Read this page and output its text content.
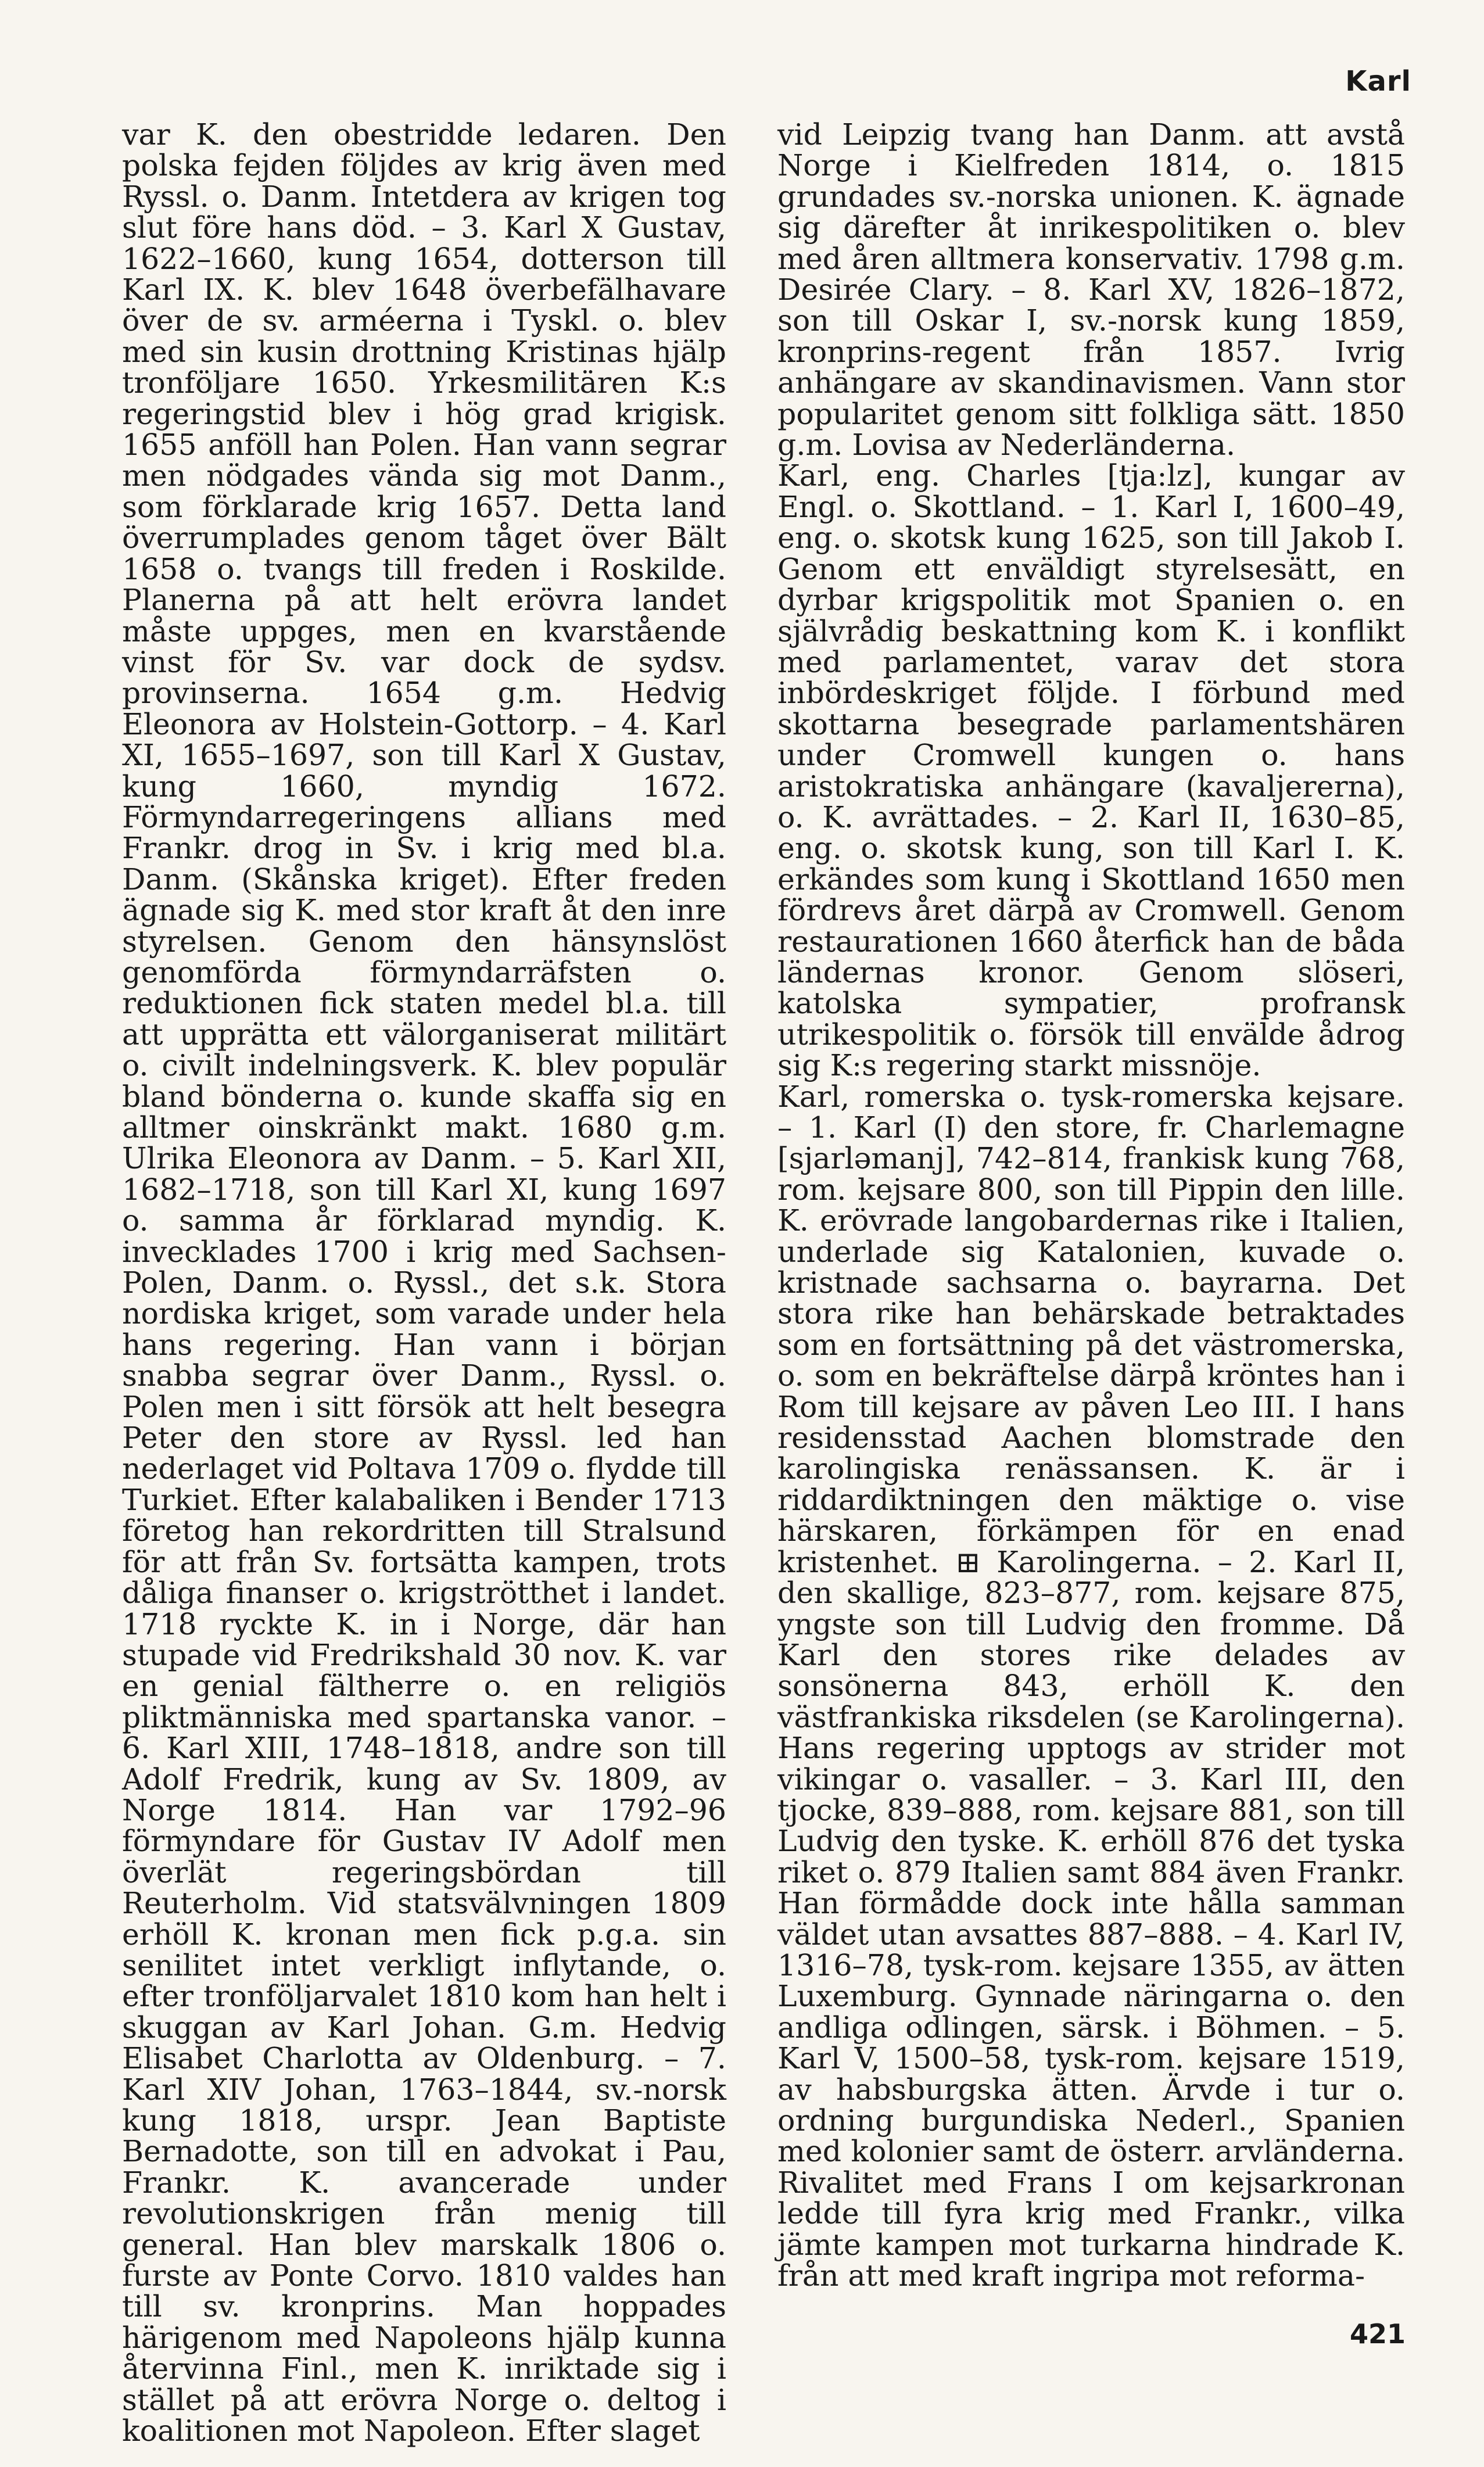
Karl

var K. den obestridde ledaren. Den polska fejden följdes av krig även med Ryssl. o. Danm. Intetdera av krigen tog slut före hans död. – 3. Karl X Gustav, 1622–1660, kung 1654, dotterson till Karl IX. K. blev 1648 överbefälhavare över de sv. arméerna i Tyskl. o. blev med sin kusin drottning Kristinas hjälp tronföljare 1650. Yrkesmilitären K:s regeringstid blev i hög grad krigisk. 1655 anföll han Polen. Han vann segrar men nödgades vända sig mot Danm., som förklarade krig 1657. Detta land överrumplades genom tåget över Bält 1658 o. tvangs till freden i Roskilde. Planerna på att helt erövra landet måste uppges, men en kvarstående vinst för Sv. var dock de sydsv. provinserna. 1654 g.m. Hedvig Eleonora av Holstein-Gottorp. – 4. Karl XI, 1655–1697, son till Karl X Gustav, kung 1660, myndig 1672. Förmyndarregeringens allians med Frankr. drog in Sv. i krig med bl.a. Danm. (Skånska kriget). Efter freden ägnade sig K. med stor kraft åt den inre styrelsen. Genom den hänsynslöst genomförda förmyndarräfsten o. reduktionen fick staten medel bl.a. till att upprätta ett välorganiserat militärt o. civilt indelningsverk. K. blev populär bland bönderna o. kunde skaffa sig en alltmer oinskränkt makt. 1680 g.m. Ulrika Eleonora av Danm. – 5. Karl XII, 1682–1718, son till Karl XI, kung 1697 o. samma år förklarad myndig. K. invecklades 1700 i krig med Sachsen-Polen, Danm. o. Ryssl., det s.k. Stora nordiska kriget, som varade under hela hans regering. Han vann i början snabba segrar över Danm., Ryssl. o. Polen men i sitt försök att helt besegra Peter den store av Ryssl. led han nederlaget vid Poltava 1709 o. flydde till Turkiet. Efter kalabaliken i Bender 1713 företog han rekordritten till Stralsund för att från Sv. fortsätta kampen, trots dåliga finanser o. krigströtthet i landet. 1718 ryckte K. in i Norge, där han stupade vid Fredrikshald 30 nov. K. var en genial fältherre o. en religiös pliktmänniska med spartanska vanor. – 6. Karl XIII, 1748–1818, andre son till Adolf Fredrik, kung av Sv. 1809, av Norge 1814. Han var 1792–96 förmyndare för Gustav IV Adolf men överlät regeringsbördan till Reuterholm. Vid statsvälvningen 1809 erhöll K. kronan men fick p.g.a. sin senilitet intet verkligt inflytande, o. efter tronföljarvalet 1810 kom han helt i skuggan av Karl Johan. G.m. Hedvig Elisabet Charlotta av Oldenburg. – 7. Karl XIV Johan, 1763–1844, sv.-norsk kung 1818, urspr. Jean Baptiste Bernadotte, son till en advokat i Pau, Frankr. K. avancerade under revolutionskrigen från menig till general. Han blev marskalk 1806 o. furste av Ponte Corvo. 1810 valdes han till sv. kronprins. Man hoppades härigenom med Napoleons hjälp kunna återvinna Finl., men K. inriktade sig i stället på att erövra Norge o. deltog i koalitionen mot Napoleon. Efter slaget

vid Leipzig tvang han Danm. att avstå Norge i Kielfreden 1814, o. 1815 grundades sv.-norska unionen. K. ägnade sig därefter åt inrikespolitiken o. blev med åren alltmera konservativ. 1798 g.m. Desirée Clary. – 8. Karl XV, 1826–1872, son till Oskar I, sv.-norsk kung 1859, kronprins-regent från 1857. Ivrig anhängare av skandinavismen. Vann stor popularitet genom sitt folkliga sätt. 1850 g.m. Lovisa av Nederländerna.

Karl, eng. Charles [tja:lz], kungar av Engl. o. Skottland. – 1. Karl I, 1600–49, eng. o. skotsk kung 1625, son till Jakob I. Genom ett enväldigt styrelsesätt, en dyrbar krigspolitik mot Spanien o. en självrådig beskattning kom K. i konflikt med parlamentet, varav det stora inbördeskriget följde. I förbund med skottarna besegrade parlamentshären under Cromwell kungen o. hans aristokratiska anhängare (kavaljererna), o. K. avrättades. – 2. Karl II, 1630–85, eng. o. skotsk kung, son till Karl I. K. erkändes som kung i Skottland 1650 men fördrevs året därpå av Cromwell. Genom restaurationen 1660 återfick han de båda ländernas kronor. Genom slöseri, katolska sympatier, profransk utrikespolitik o. försök till envälde ådrog sig K:s regering starkt missnöje.

Karl, romerska o. tysk-romerska kejsare. – 1. Karl (I) den store, fr. Charlemagne [sjarləmanj], 742–814, frankisk kung 768, rom. kejsare 800, son till Pippin den lille. K. erövrade langobardernas rike i Italien, underlade sig Katalonien, kuvade o. kristnade sachsarna o. bayrarna. Det stora rike han behärskade betraktades som en fortsättning på det västromerska, o. som en bekräftelse därpå kröntes han i Rom till kejsare av påven Leo III. I hans residensstad Aachen blomstrade den karolingiska renässansen. K. är i riddardiktningen den mäktige o. vise härskaren, förkämpen för en enad kristenhet. ⊞ Karolingerna. – 2. Karl II, den skallige, 823–877, rom. kejsare 875, yngste son till Ludvig den fromme. Då Karl den stores rike delades av sonsönerna 843, erhöll K. den västfrankiska riksdelen (se Karolingerna). Hans regering upptogs av strider mot vikingar o. vasaller. – 3. Karl III, den tjocke, 839–888, rom. kejsare 881, son till Ludvig den tyske. K. erhöll 876 det tyska riket o. 879 Italien samt 884 även Frankr. Han förmådde dock inte hålla samman väldet utan avsattes 887–888. – 4. Karl IV, 1316–78, tysk-rom. kejsare 1355, av ätten Luxemburg. Gynnade näringarna o. den andliga odlingen, särsk. i Böhmen. – 5. Karl V, 1500–58, tysk-rom. kejsare 1519, av habsburgska ätten. Ärvde i tur o. ordning burgundiska Nederl., Spanien med kolonier samt de österr. arvländerna. Rivalitet med Frans I om kejsarkronan ledde till fyra krig med Frankr., vilka jämte kampen mot turkarna hindrade K. från att med kraft ingripa mot reforma-

421
